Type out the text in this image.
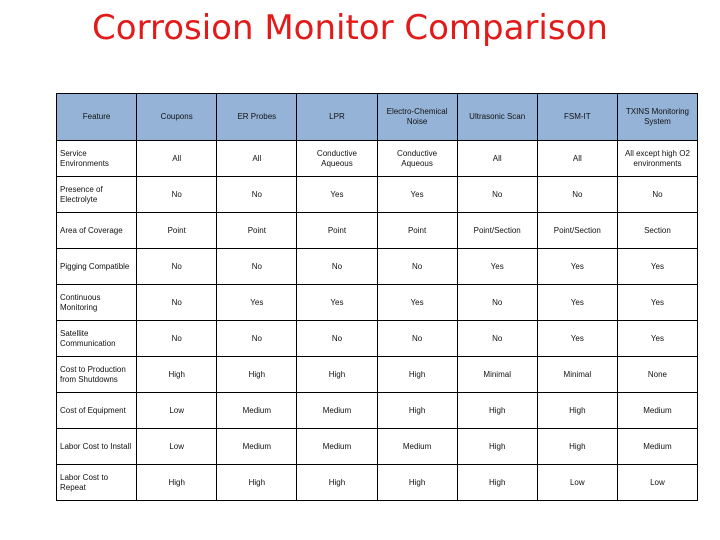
Corrosion Monitor Comparison
Feature	Coupons	ER Probes	LPR	Electro-Chemical Noise	Ultrasonic Scan	FSM-IT	TXINS Monitoring System
Service Environments	All	All	Conductive Aqueous	Conductive Aqueous	All	All	All except high O2 environments
Presence of Electrolyte	No	No	Yes	Yes	No	No	No
Area of Coverage	Point	Point	Point	Point	Point/Section	Point/Section	Section
Pigging Compatible	No	No	No	No	Yes	Yes	Yes
Continuous Monitoring	No	Yes	Yes	Yes	No	Yes	Yes
Satellite Communication	No	No	No	No	No	Yes	Yes
Cost to Production from Shutdowns	High	High	High	High	Minimal	Minimal	None
Cost of Equipment	Low	Medium	Medium	High	High	High	Medium
Labor Cost to Install	Low	Medium	Medium	Medium	High	High	Medium
Labor Cost to Repeat	High	High	High	High	High	Low	Low
